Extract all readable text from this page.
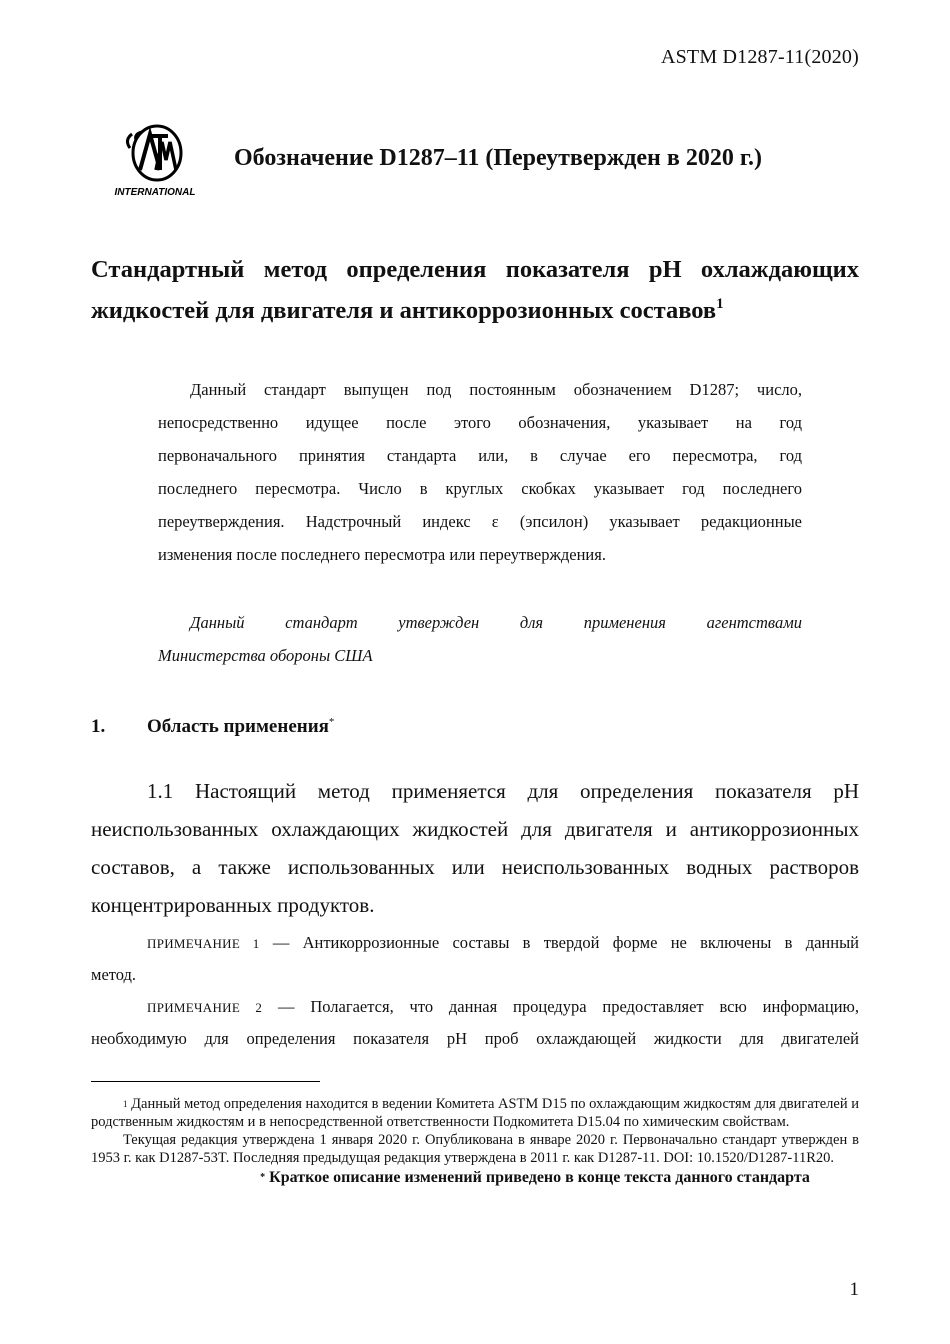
ASTM D1287-11(2020)
INTERNATIONAL
Обозначение D1287–11 (Переутвержден в 2020 г.)
Стандартный метод определения показателя pH охлаждающих
жидкостей для двигателя и антикоррозионных составов$^1$
Данный стандарт выпущен под постоянным обозначением D1287; число,
непосредственно идущее после этого обозначения, указывает на год
первоначального принятия стандарта или, в случае его пересмотра, год
последнего пересмотра. Число в круглых скобках указывает год последнего
переутверждения. Надстрочный индекс ε (эпсилон) указывает редакционные
изменения после последнего пересмотра или переутверждения.
Данный стандарт утвержден для применения агентствами
Министерства обороны США
1. Область применения*
1.1 Настоящий метод применяется для определения показателя pH
неиспользованных охлаждающих жидкостей для двигателя и антикоррозионных
составов, а также использованных или неиспользованных водных растворов
концентрированных продуктов.
ПРИМЕЧАНИЕ 1 — Антикоррозионные составы в твердой форме не включены в данный
метод.
ПРИМЕЧАНИЕ 2 — Полагается, что данная процедура предоставляет всю информацию,
необходимую для определения показателя pH проб охлаждающей жидкости для двигателей

$^1$ Данный метод определения находится в ведении Комитета ASTM D15 по охлаждающим жидкостям для двигателей и родственным жидкостям и в непосредственной ответственности Подкомитета D15.04 по химическим свойствам.

Текущая редакция утверждена 1 января 2020 г. Опубликована в январе 2020 г. Первоначально стандарт утвержден в 1953 г. как D1287-53T. Последняя предыдущая редакция утверждена в 2011 г. как D1287-11. DOI: 10.1520/D1287-11R20.

* Краткое описание изменений приведено в конце текста данного стандарта

1
